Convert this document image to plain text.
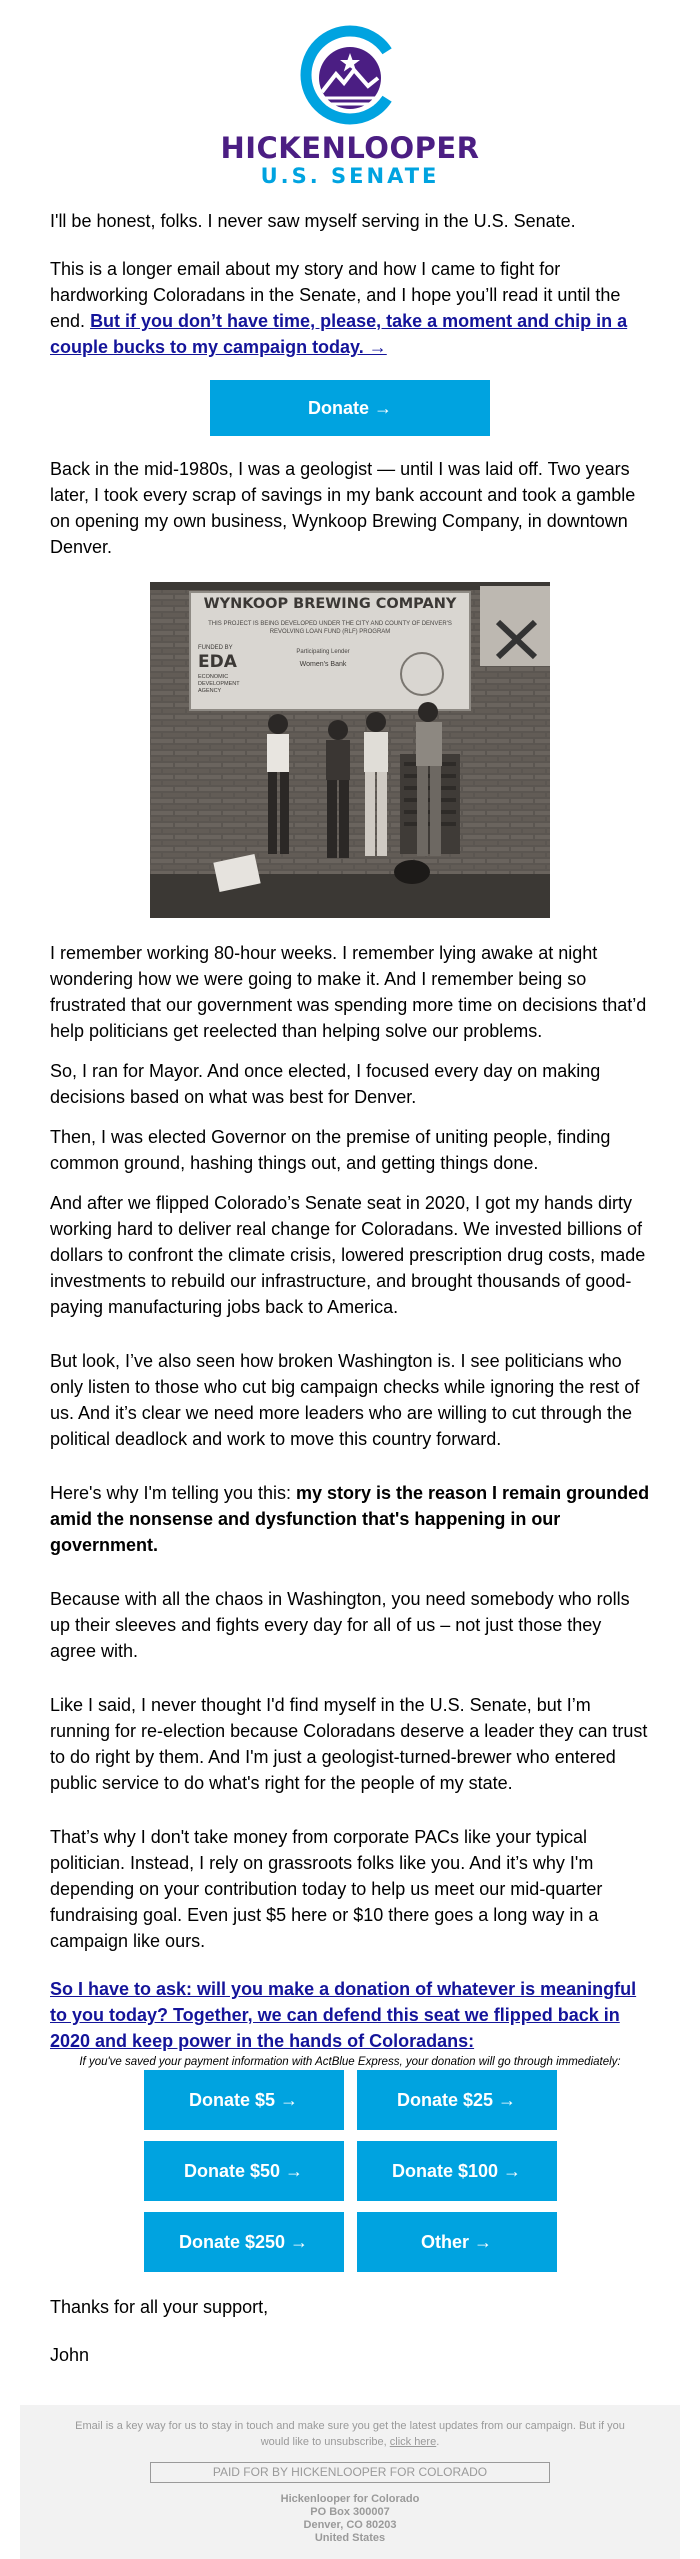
HICKENLOOPER
U.S. SENATE

I'll be honest, folks. I never saw myself serving in the U.S. Senate.

This is a longer email about my story and how I came to fight for hardworking Coloradans in the Senate, and I hope you’ll read it until the end. But if you don’t have time, please, take a moment and chip in a couple bucks to my campaign today. →

Donate →

Back in the mid-1980s, I was a geologist — until I was laid off. Two years later, I took every scrap of savings in my bank account and took a gamble on opening my own business, Wynkoop Brewing Company, in downtown Denver.

WYNKOOP BREWING COMPANY
THIS PROJECT IS BEING DEVELOPED UNDER THE CITY AND COUNTY OF DENVER'S
REVOLVING LOAN FUND (RLF) PROGRAM
Participating Lender
Women's Bank
FUNDED BY
EDA
ECONOMIC DEVELOPMENT AGENCY

I remember working 80-hour weeks. I remember lying awake at night wondering how we were going to make it. And I remember being so frustrated that our government was spending more time on decisions that’d help politicians get reelected than helping solve our problems.

So, I ran for Mayor. And once elected, I focused every day on making decisions based on what was best for Denver.

Then, I was elected Governor on the premise of uniting people, finding common ground, hashing things out, and getting things done.

And after we flipped Colorado’s Senate seat in 2020, I got my hands dirty working hard to deliver real change for Coloradans. We invested billions of dollars to confront the climate crisis, lowered prescription drug costs, made investments to rebuild our infrastructure, and brought thousands of good-paying manufacturing jobs back to America.

But look, I’ve also seen how broken Washington is. I see politicians who only listen to those who cut big campaign checks while ignoring the rest of us. And it’s clear we need more leaders who are willing to cut through the political deadlock and work to move this country forward.

Here's why I'm telling you this: my story is the reason I remain grounded amid the nonsense and dysfunction that's happening in our government.

Because with all the chaos in Washington, you need somebody who rolls up their sleeves and fights every day for all of us – not just those they agree with.

Like I said, I never thought I'd find myself in the U.S. Senate, but I’m running for re-election because Coloradans deserve a leader they can trust to do right by them. And I'm just a geologist-turned-brewer who entered public service to do what's right for the people of my state.

That’s why I don't take money from corporate PACs like your typical politician. Instead, I rely on grassroots folks like you. And it’s why I'm depending on your contribution today to help us meet our mid-quarter fundraising goal. Even just $5 here or $10 there goes a long way in a campaign like ours.

So I have to ask: will you make a donation of whatever is meaningful to you today? Together, we can defend this seat we flipped back in 2020 and keep power in the hands of Coloradans:

If you've saved your payment information with ActBlue Express, your donation will go through immediately:

Donate $5 →	Donate $25 →
Donate $50 →	Donate $100 →
Donate $250 →	Other →

Thanks for all your support,

John

Email is a key way for us to stay in touch and make sure you get the latest updates from our campaign. But if you would like to unsubscribe, click here.
PAID FOR BY HICKENLOOPER FOR COLORADO
Hickenlooper for Colorado
PO Box 300007
Denver, CO 80203
United States
